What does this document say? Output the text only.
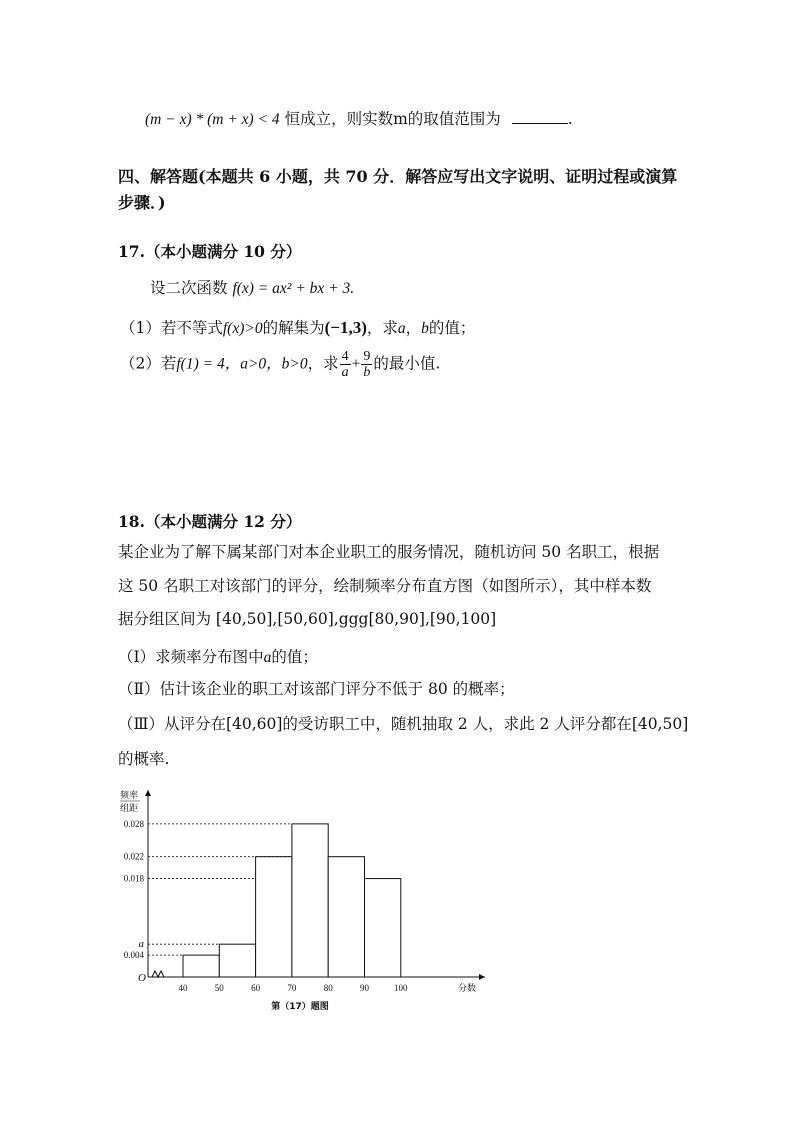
(m − x) * (m + x) < 4 恒成立，则实数m的取值范围为	.
四、解答题(本题共 6 小题，共 70 分．解答应写出文字说明、证明过程或演算
步骤．)
17.（本小题满分 10 分）
设二次函数 f(x) = ax² + bx + 3.
（1）若不等式f(x)>0的解集为(−1,3)，求a，b的值；
（2）若f(1) = 4，a>0，b>0，求 $\frac{4}{a} + \frac{9}{b}$ 的最小值.
18.（本小题满分 12 分）
某企业为了解下属某部门对本企业职工的服务情况，随机访问 50 名职工，根据
这 50 名职工对该部门的评分，绘制频率分布直方图（如图所示），其中样本数
据分组区间为 [40,50],[50,60],ggg[80,90],[90,100]
（Ⅰ）求频率分布图中a的值；
（Ⅱ）估计该企业的职工对该部门评分不低于 80 的概率；
（Ⅲ）从评分在[40,60]的受访职工中，随机抽取 2 人，求此 2 人评分都在[40,50]
的概率.
0.028
0.022
0.018
a
0.004
40	50	60	70	80	90	100
O
频率
组距
分数
第（17）题图
